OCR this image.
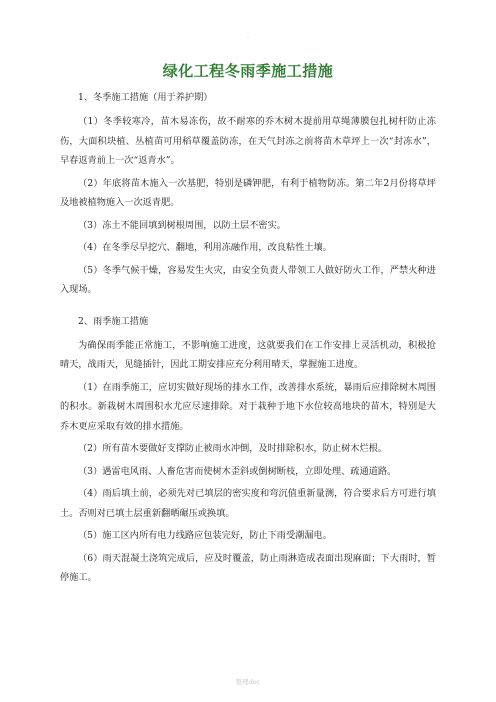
.
绿化工程冬雨季施工措施

1、冬季施工措施（用于养护期）

（1）冬季较寒冷，苗木易冻伤，故不耐寒的乔木树木提前用草绳薄膜包扎树杆防止冻伤，大面积块植、丛植苗可用稻草覆盖防冻，在天气封冻之前将苗木草坪上一次“封冻水”，早春返青前上一次“返青水”。

（2）年底将苗木施入一次基肥，特别是磷钾肥，有利于植物防冻。第二年2月份将草坪及地被植物施入一次返青肥。

（3）冻土不能回填到树根周围，以防土层不密实。

（4）在冬季尽早挖穴、翻地，利用冻融作用，改良粘性土壤。

（5）冬季气候干燥，容易发生火灾，由安全负责人带领工人做好防火工作，严禁火种进入现场。

2、雨季施工措施

为确保雨季能正常施工，不影响施工进度，这就要我们在工作安排上灵活机动，积极抢晴天，战雨天，见缝插针，因此工期安排应充分利用晴天，掌握施工进度。

（1）在雨季施工，应切实做好现场的排水工作，改善排水系统，暴雨后应排除树木周围的积水。新栽树木周围积水尤应尽速排除。对于栽种于地下水位较高地块的苗木，特别是大乔木更应采取有效的排水措施。

（2）所有苗木要做好支撑防止被雨水冲倒，及时排除积水，防止树木烂根。

（3）遇雷电风雨、人畜危害而使树木歪斜或倒树断枝，立即处理、疏通道路。

（4）雨后填土前，必须先对已填层的密实度和弯沉值重新量测，符合要求后方可进行填土。否则对已填土层重新翻晒碾压或换填。

（5）施工区内所有电力线路应包装完好，防止下雨受潮漏电。

（6）雨天混凝土浇筑完成后，应及时覆盖，防止雨淋造成表面出现麻面；下大雨时，暂停施工。

整理doc
